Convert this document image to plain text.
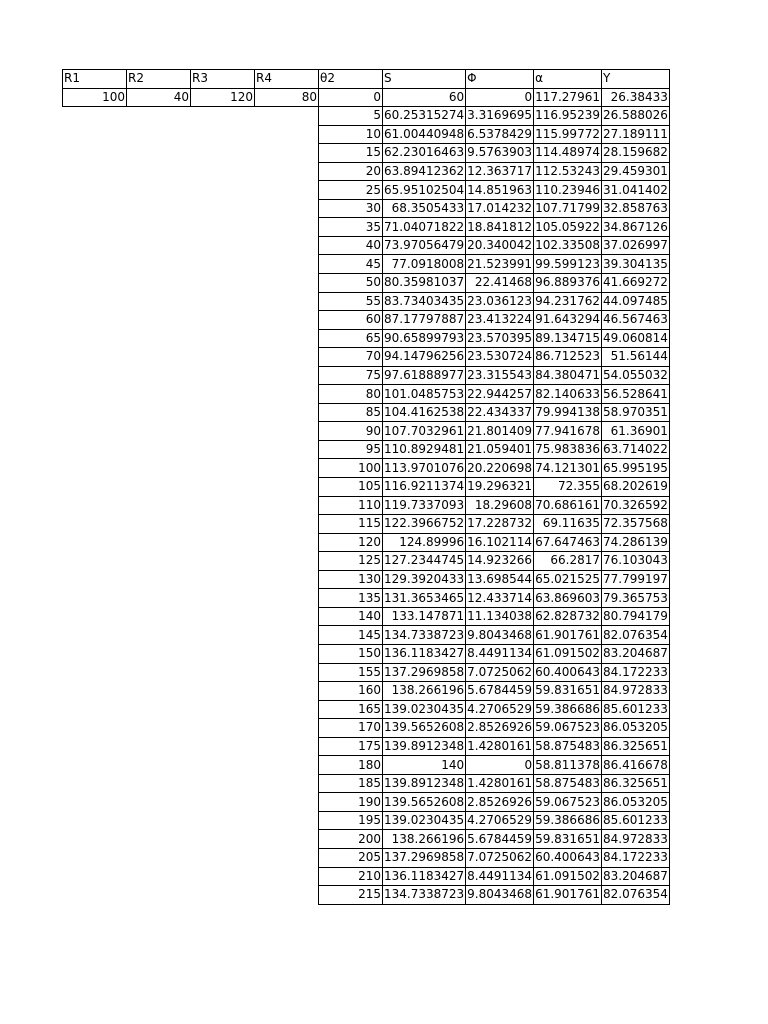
R1	R2	R3	R4	θ2	S	Φ	α	Υ
100	40	120	80	0	60	0	117.27961	26.38433
				5	60.25315274	3.3169695	116.95239	26.588026
				10	61.00440948	6.5378429	115.99772	27.189111
				15	62.23016463	9.5763903	114.48974	28.159682
				20	63.89412362	12.363717	112.53243	29.459301
				25	65.95102504	14.851963	110.23946	31.041402
				30	68.3505433	17.014232	107.71799	32.858763
				35	71.04071822	18.841812	105.05922	34.867126
				40	73.97056479	20.340042	102.33508	37.026997
				45	77.0918008	21.523991	99.599123	39.304135
				50	80.35981037	22.41468	96.889376	41.669272
				55	83.73403435	23.036123	94.231762	44.097485
				60	87.17797887	23.413224	91.643294	46.567463
				65	90.65899793	23.570395	89.134715	49.060814
				70	94.14796256	23.530724	86.712523	51.56144
				75	97.61888977	23.315543	84.380471	54.055032
				80	101.0485753	22.944257	82.140633	56.528641
				85	104.4162538	22.434337	79.994138	58.970351
				90	107.7032961	21.801409	77.941678	61.36901
				95	110.8929481	21.059401	75.983836	63.714022
				100	113.9701076	20.220698	74.121301	65.995195
				105	116.9211374	19.296321	72.355	68.202619
				110	119.7337093	18.29608	70.686161	70.326592
				115	122.3966752	17.228732	69.11635	72.357568
				120	124.89996	16.102114	67.647463	74.286139
				125	127.2344745	14.923266	66.2817	76.103043
				130	129.3920433	13.698544	65.021525	77.799197
				135	131.3653465	12.433714	63.869603	79.365753
				140	133.147871	11.134038	62.828732	80.794179
				145	134.7338723	9.8043468	61.901761	82.076354
				150	136.1183427	8.4491134	61.091502	83.204687
				155	137.2969858	7.0725062	60.400643	84.172233
				160	138.266196	5.6784459	59.831651	84.972833
				165	139.0230435	4.2706529	59.386686	85.601233
				170	139.5652608	2.8526926	59.067523	86.053205
				175	139.8912348	1.4280161	58.875483	86.325651
				180	140	0	58.811378	86.416678
				185	139.8912348	1.4280161	58.875483	86.325651
				190	139.5652608	2.8526926	59.067523	86.053205
				195	139.0230435	4.2706529	59.386686	85.601233
				200	138.266196	5.6784459	59.831651	84.972833
				205	137.2969858	7.0725062	60.400643	84.172233
				210	136.1183427	8.4491134	61.091502	83.204687
				215	134.7338723	9.8043468	61.901761	82.076354
